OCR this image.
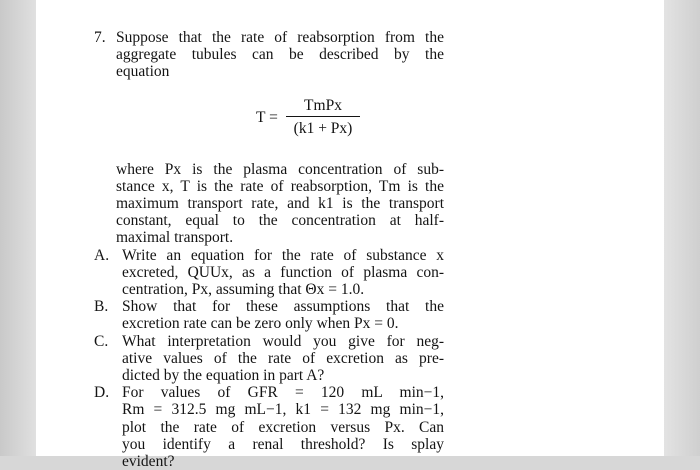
7. Suppose that the rate of reabsorption from the
aggregate tubules can be described by the
equation
T =
TmPx
(k1 + Px)
where Px is the plasma concentration of sub-
stance x, T is the rate of reabsorption, Tm is the
maximum transport rate, and k1 is the transport
constant, equal to the concentration at half-
maximal transport.
A. Write an equation for the rate of substance x
excreted, QUUx, as a function of plasma con-
centration, Px, assuming that Θx = 1.0.
B. Show that for these assumptions that the
excretion rate can be zero only when Px = 0.
C. What interpretation would you give for neg-
ative values of the rate of excretion as pre-
dicted by the equation in part A?
D. For values of GFR = 120 mL min−1,
Rm = 312.5 mg mL−1, k1 = 132 mg min−1,
plot the rate of excretion versus Px. Can
you identify a renal threshold? Is splay
evident?
